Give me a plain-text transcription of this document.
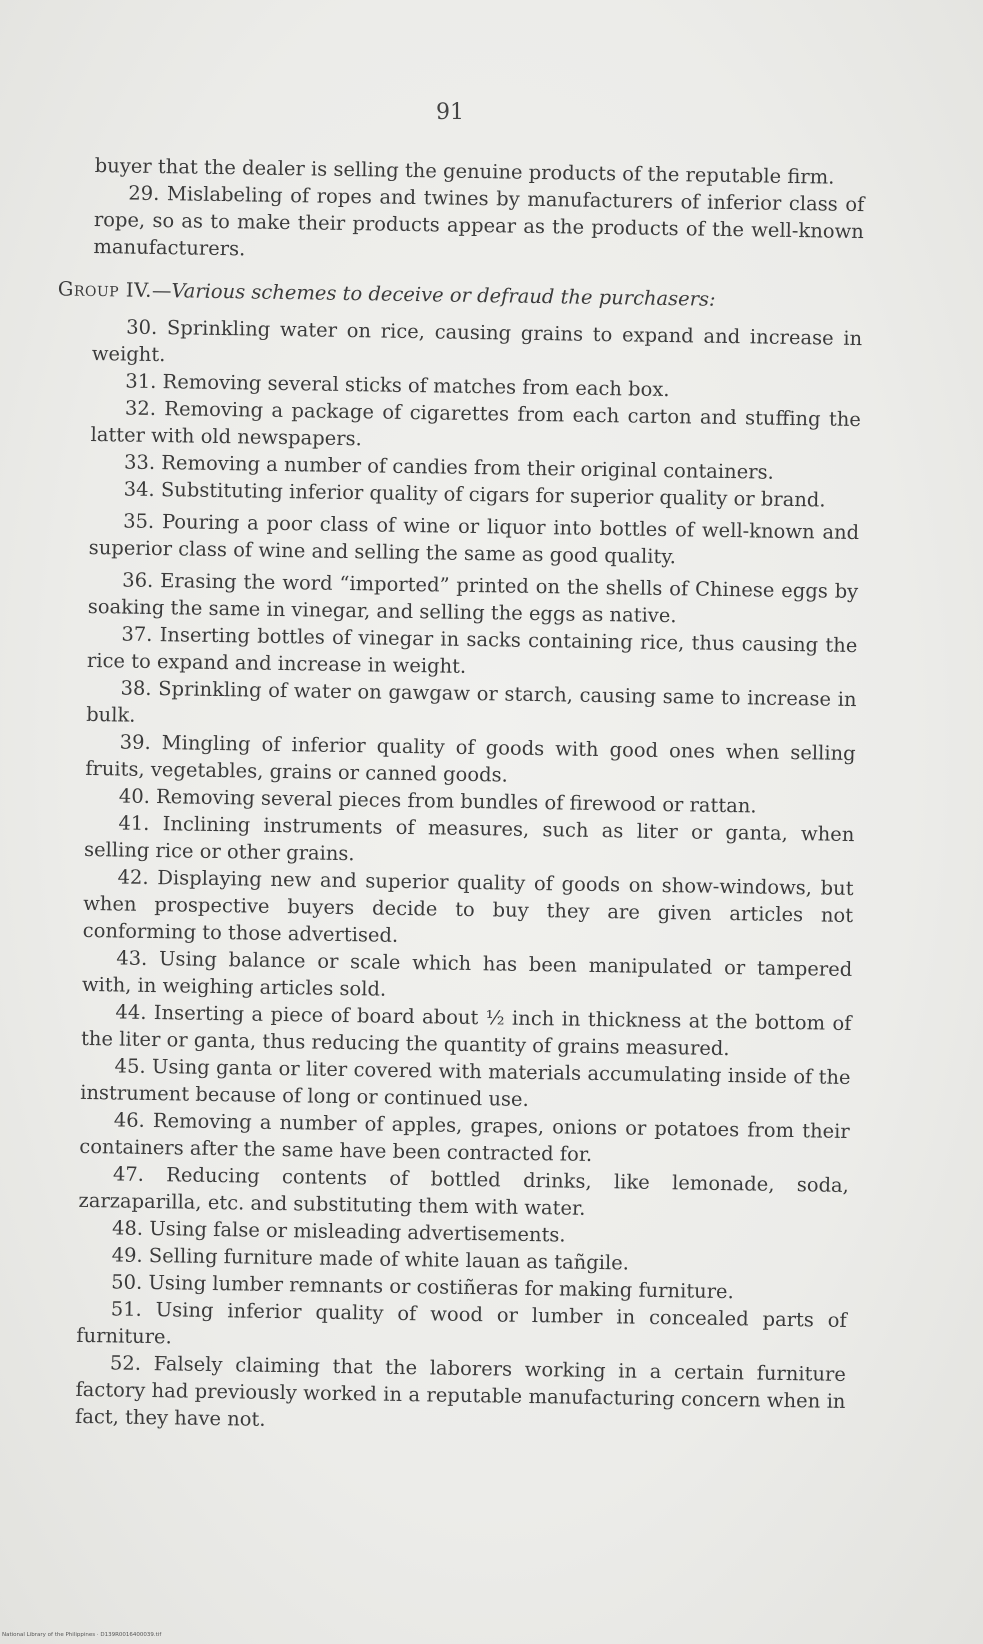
91

buyer that the dealer is selling the genuine products of the reputable firm.

29. Mislabeling of ropes and twines by manufacturers of inferior class of rope, so as to make their products appear as the products of the well-known manufacturers.

Group IV.—Various schemes to deceive or defraud the purchasers:

30. Sprinkling water on rice, causing grains to expand and increase in weight.

31. Removing several sticks of matches from each box.

32. Removing a package of cigarettes from each carton and stuffing the latter with old newspapers.

33. Removing a number of candies from their original containers.

34. Substituting inferior quality of cigars for superior quality or brand.

35. Pouring a poor class of wine or liquor into bottles of well-known and superior class of wine and selling the same as good quality.

36. Erasing the word “imported” printed on the shells of Chinese eggs by soaking the same in vinegar, and selling the eggs as native.

37. Inserting bottles of vinegar in sacks containing rice, thus causing the rice to expand and increase in weight.

38. Sprinkling of water on gawgaw or starch, causing same to increase in bulk.

39. Mingling of inferior quality of goods with good ones when selling fruits, vegetables, grains or canned goods.

40. Removing several pieces from bundles of firewood or rattan.

41. Inclining instruments of measures, such as liter or ganta, when selling rice or other grains.

42. Displaying new and superior quality of goods on show-windows, but when prospective buyers decide to buy they are given articles not conforming to those advertised.

43. Using balance or scale which has been manipulated or tampered with, in weighing articles sold.

44. Inserting a piece of board about ½ inch in thickness at the bottom of the liter or ganta, thus reducing the quantity of grains measured.

45. Using ganta or liter covered with materials accumulating inside of the instrument because of long or continued use.

46. Removing a number of apples, grapes, onions or potatoes from their containers after the same have been contracted for.

47. Reducing contents of bottled drinks, like lemonade, soda, zarzaparilla, etc. and substituting them with water.

48. Using false or misleading advertisements.

49. Selling furniture made of white lauan as tañgile.

50. Using lumber remnants or costiñeras for making furniture.

51. Using inferior quality of wood or lumber in concealed parts of furniture.

52. Falsely claiming that the laborers working in a certain furniture factory had previously worked in a reputable manufacturing concern when in fact, they have not.

National Library of the Philippines · D139R0016400039.tif
